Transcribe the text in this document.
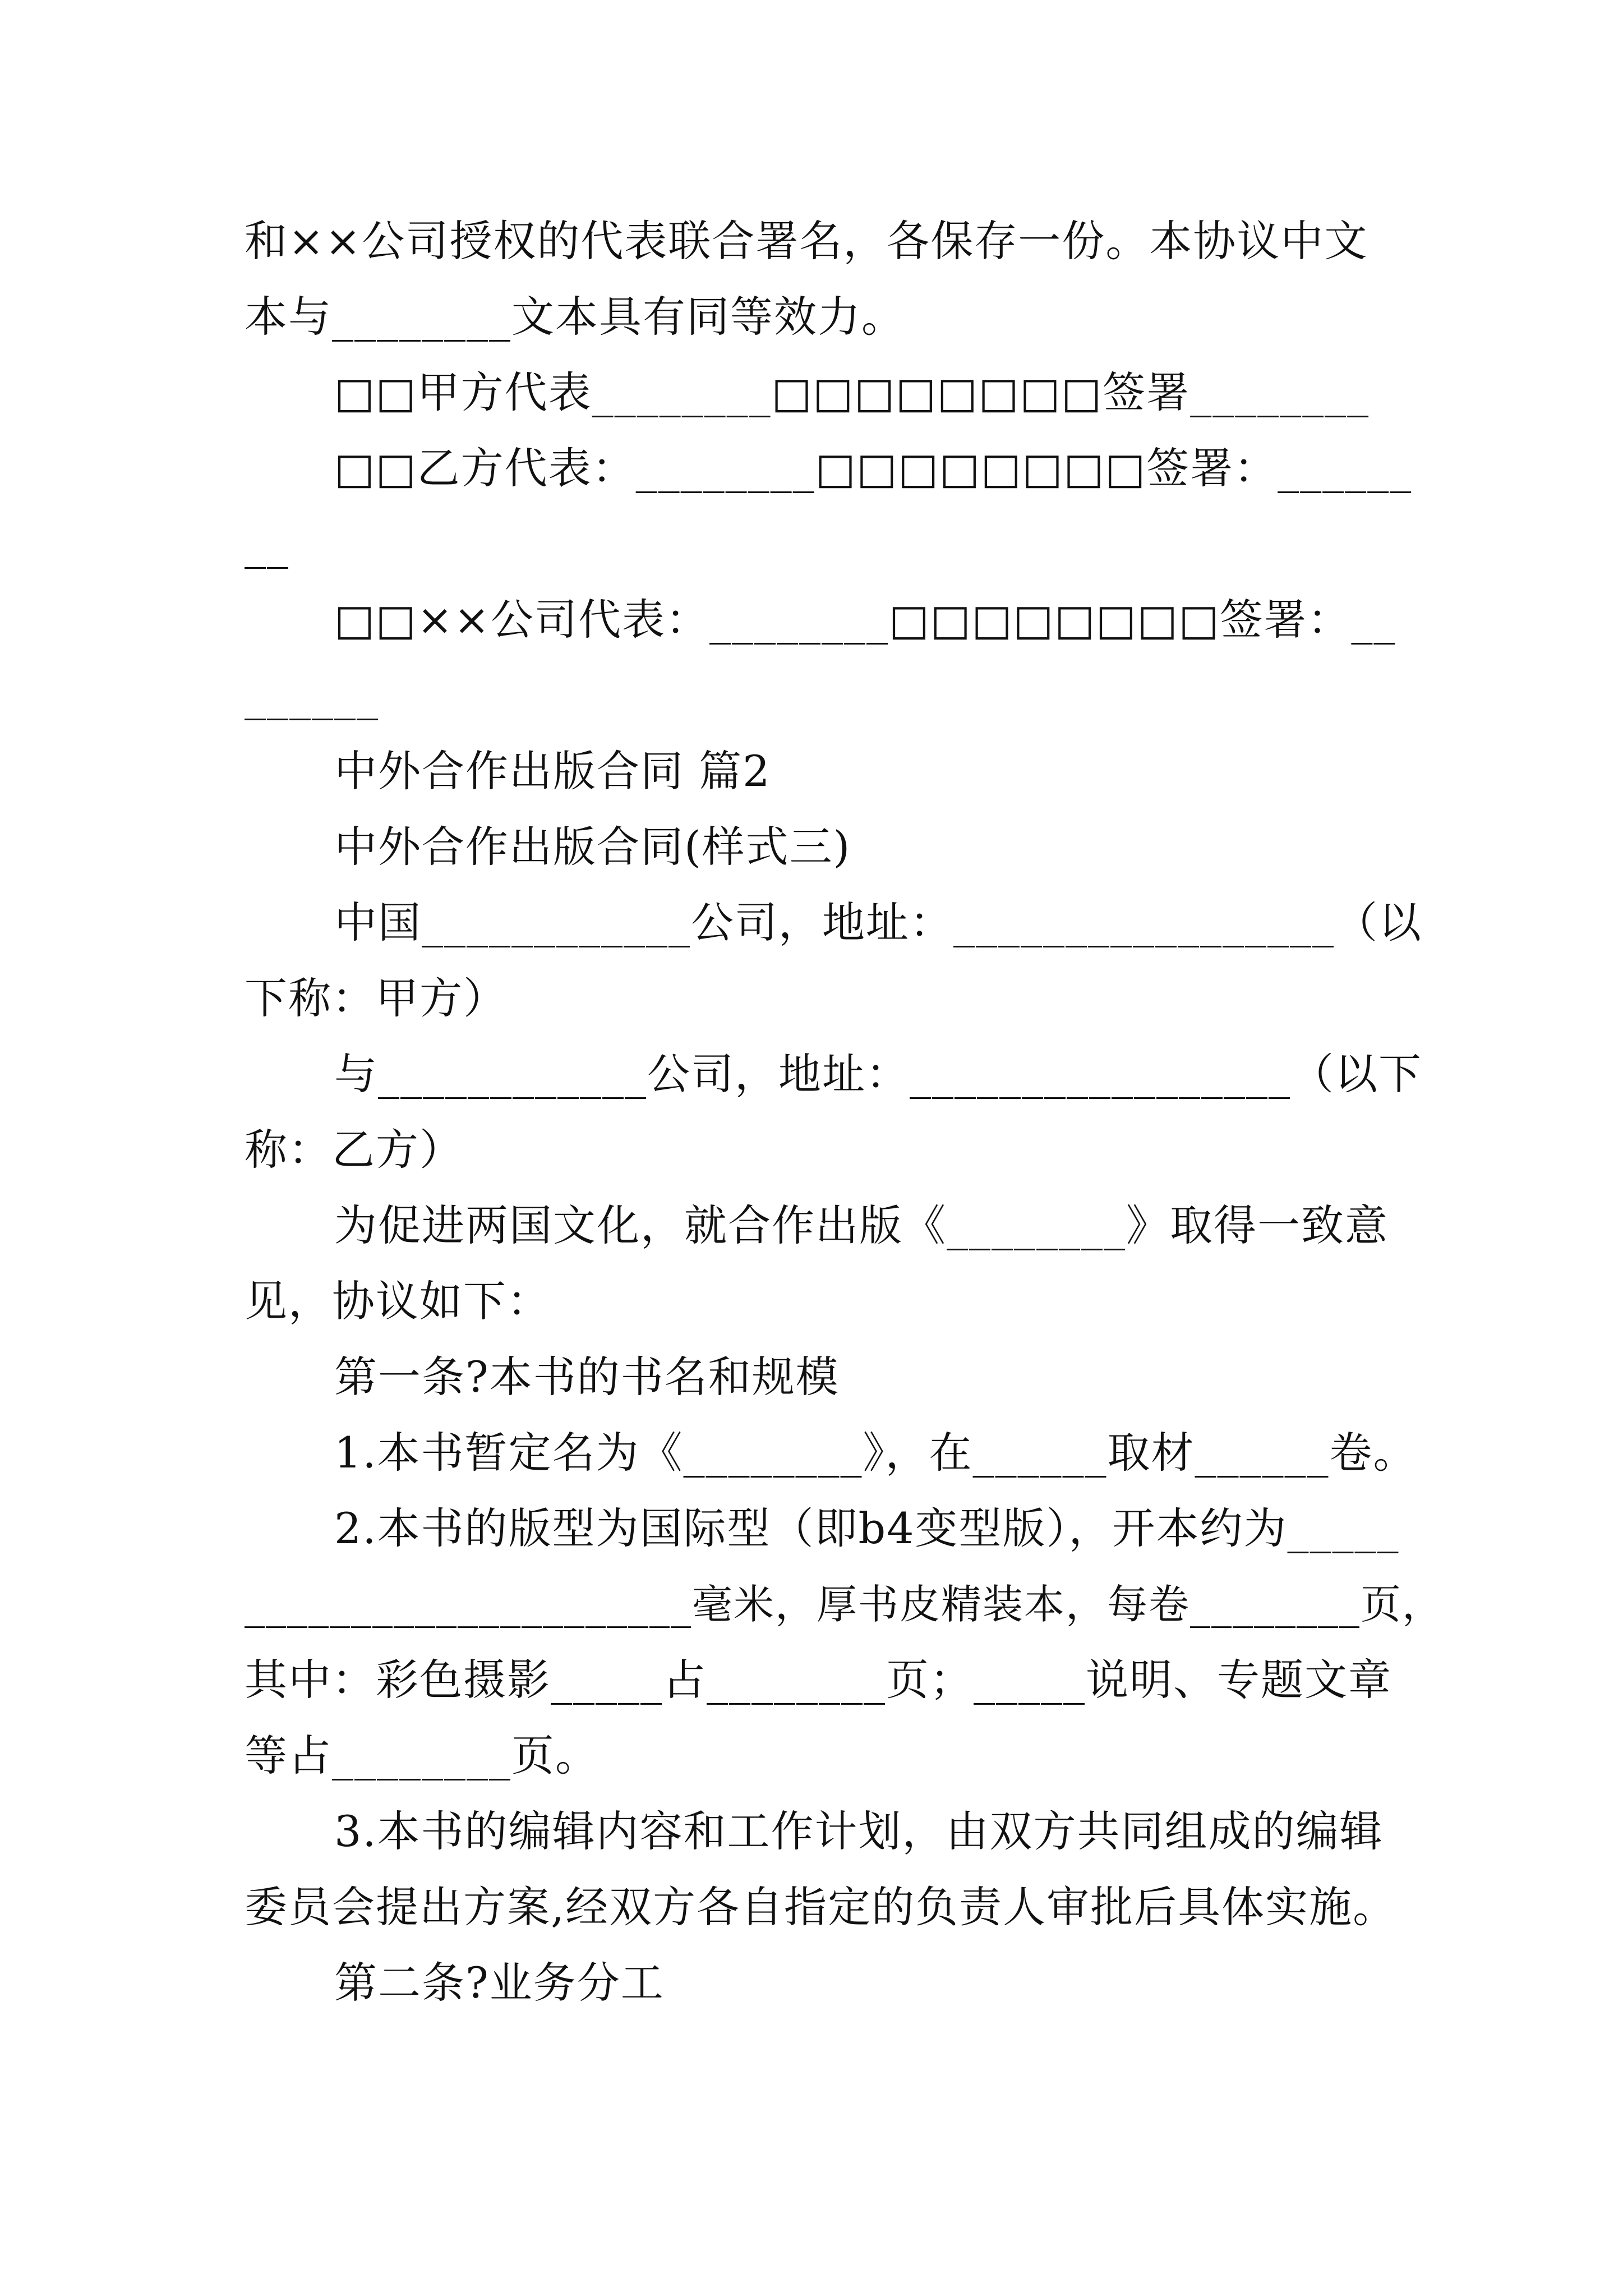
和××公司授权的代表联合署名，各保存一份。本协议中文
本与________文本具有同等效力。
□□甲方代表________□□□□□□□□签署________
□□乙方代表：________□□□□□□□□签署：______
__
□□××公司代表：________□□□□□□□□签署：__
______
中外合作出版合同 篇2
中外合作出版合同(样式三)
中国____________公司，地址：_________________（以
下称：甲方）
与____________公司，地址：_________________（以下
称：乙方）
为促进两国文化，就合作出版《________》取得一致意
见，协议如下：
第一条?本书的书名和规模
1.本书暂定名为《________》，在______取材______卷。
2.本书的版型为国际型（即b4变型版），开本约为_____
_____________________毫米，厚书皮精装本，每卷________页，
其中：彩色摄影_____占________页；_____说明、专题文章
等占________页。
3.本书的编辑内容和工作计划，由双方共同组成的编辑
委员会提出方案,经双方各自指定的负责人审批后具体实施。
第二条?业务分工
